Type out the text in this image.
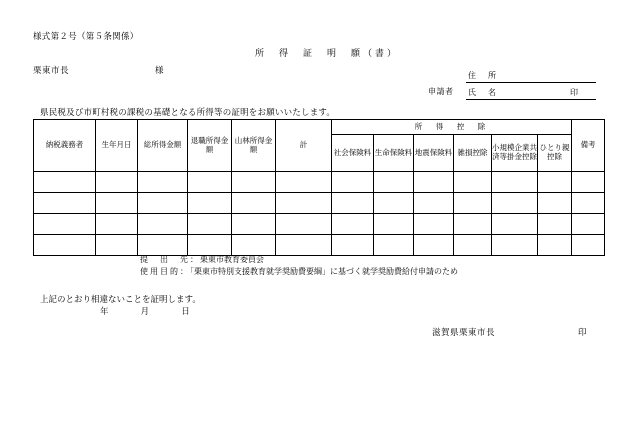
様式第２号（第５条関係）
所　得　証　明　願（書）
栗東市長	様
申請者
住　所
氏　名	印
県民税及び市町村税の課税の基礎となる所得等の証明をお願いいたします。
納税義務者	生年月日	総所得金額	退職所得金額	山林所得金額	計	所　得　控　除						備考
						社会保険料	生命保険料	地震保険料	雑損控除	小規模企業共済等掛金控除	ひとり親控除	

提　出　先：栗東市教育委員会
使用目的：「栗東市特別支援教育就学奨励費要綱」に基づく就学奨励費給付申請のため
上記のとおり相違ないことを証明します。
年	月	日
滋賀県栗東市長	印
